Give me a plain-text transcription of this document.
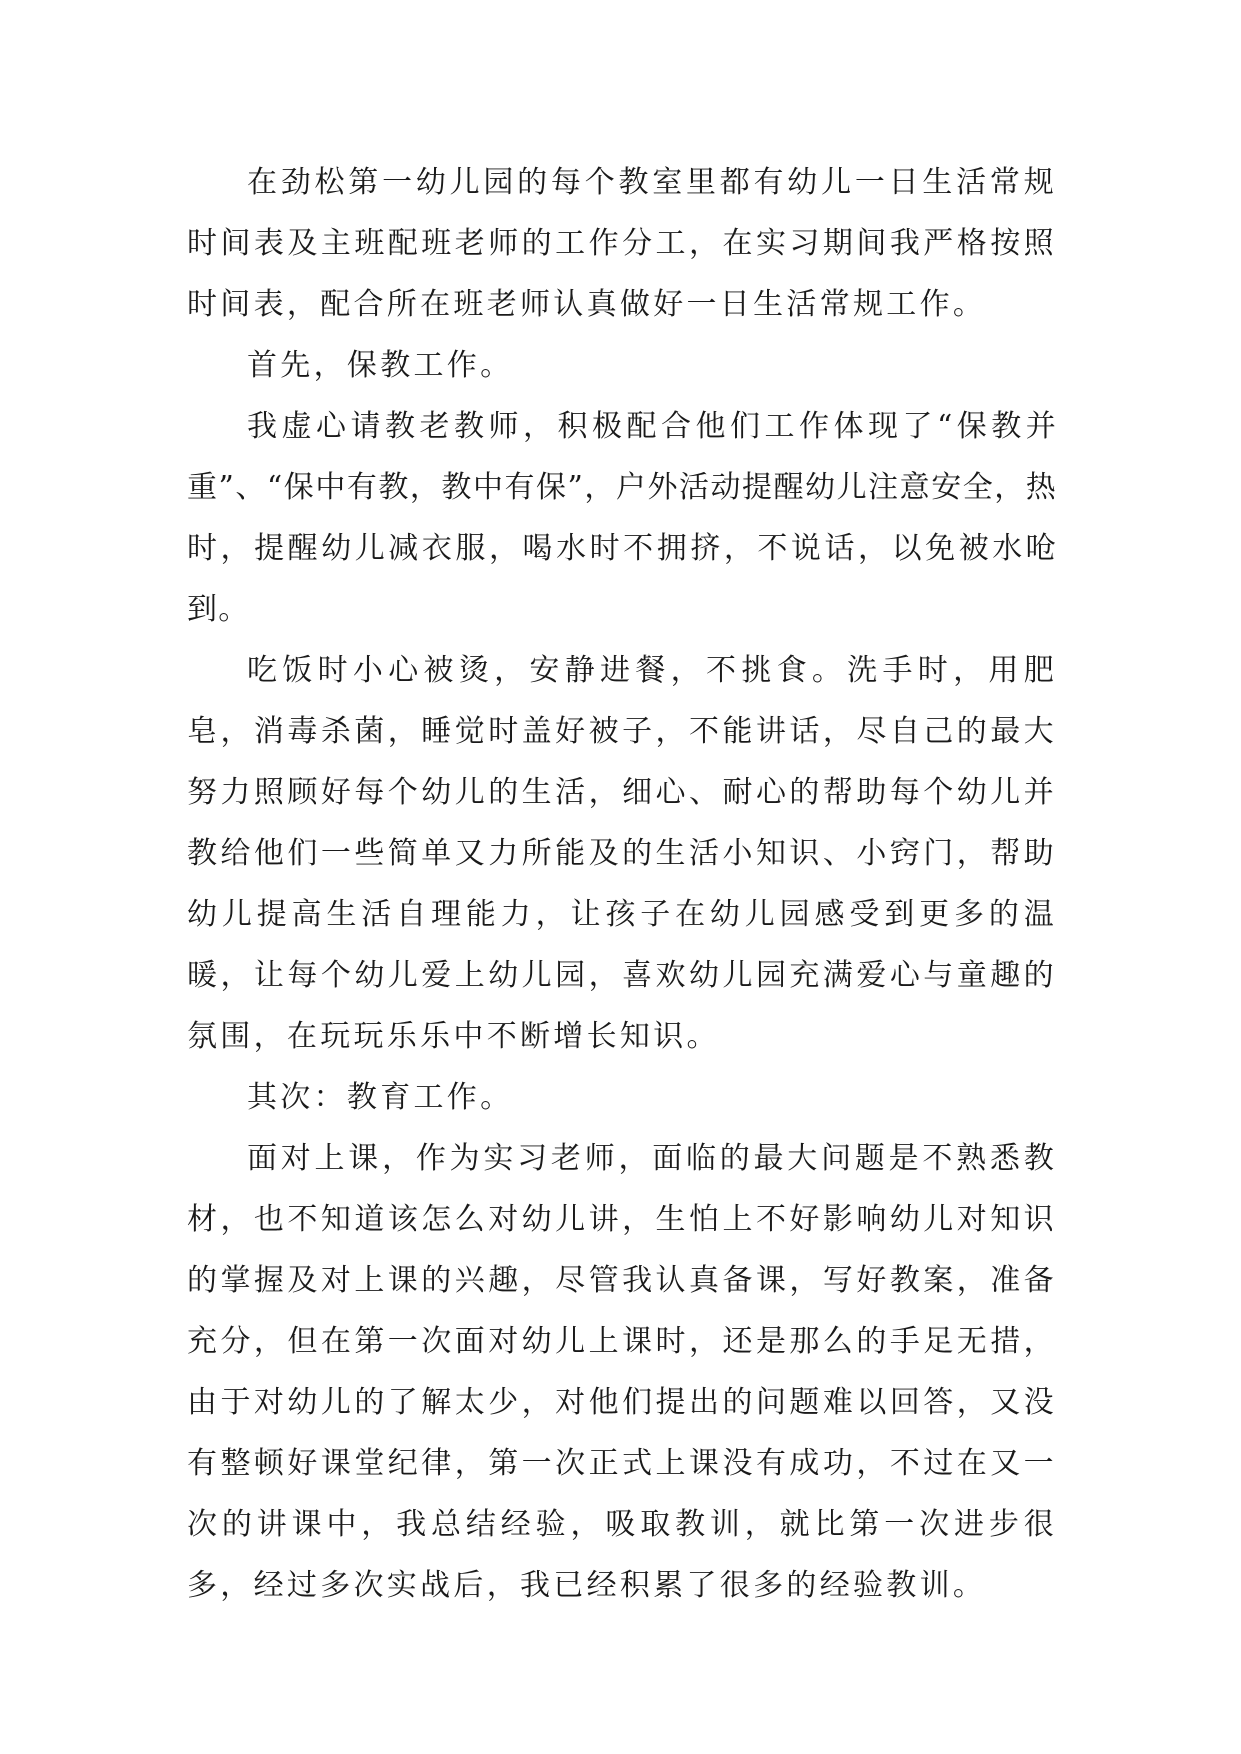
在劲松第一幼儿园的每个教室里都有幼儿一日生活常规时间表及主班配班老师的工作分工，在实习期间我严格按照时间表，配合所在班老师认真做好一日生活常规工作。

首先，保教工作。

我虚心请教老教师，积极配合他们工作体现了“保教并重”、“保中有教，教中有保”，户外活动提醒幼儿注意安全，热时，提醒幼儿减衣服，喝水时不拥挤，不说话，以免被水呛到。

吃饭时小心被烫，安静进餐，不挑食。洗手时，用肥皂，消毒杀菌，睡觉时盖好被子，不能讲话，尽自己的最大努力照顾好每个幼儿的生活，细心、耐心的帮助每个幼儿并教给他们一些简单又力所能及的生活小知识、小窍门，帮助幼儿提高生活自理能力，让孩子在幼儿园感受到更多的温暖，让每个幼儿爱上幼儿园，喜欢幼儿园充满爱心与童趣的氛围，在玩玩乐乐中不断增长知识。

其次：教育工作。

面对上课，作为实习老师，面临的最大问题是不熟悉教材，也不知道该怎么对幼儿讲，生怕上不好影响幼儿对知识的掌握及对上课的兴趣，尽管我认真备课，写好教案，准备充分，但在第一次面对幼儿上课时，还是那么的手足无措，由于对幼儿的了解太少，对他们提出的问题难以回答，又没有整顿好课堂纪律，第一次正式上课没有成功，不过在又一次的讲课中，我总结经验，吸取教训，就比第一次进步很多，经过多次实战后，我已经积累了很多的经验教训。
